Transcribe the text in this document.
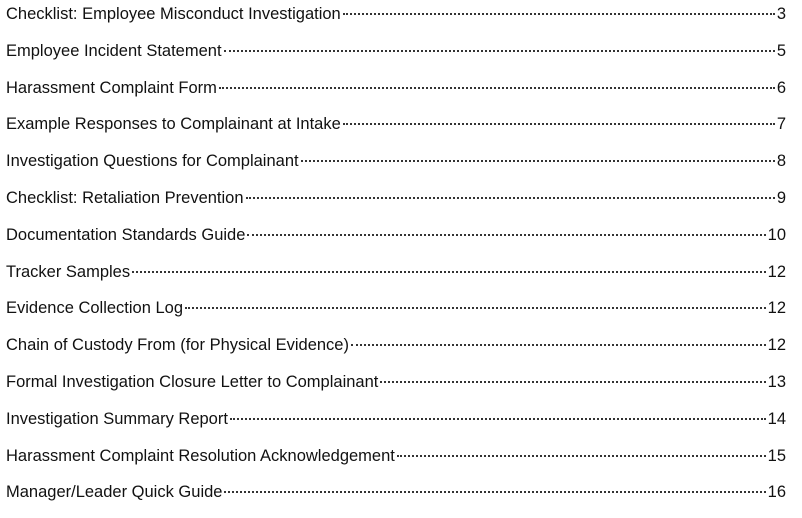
Checklist: Employee Misconduct Investigation	3
Employee Incident Statement	5
Harassment Complaint Form	6
Example Responses to Complainant at Intake	7
Investigation Questions for Complainant	8
Checklist: Retaliation Prevention	9
Documentation Standards Guide	10
Tracker Samples	12
Evidence Collection Log	12
Chain of Custody From (for Physical Evidence)	12
Formal Investigation Closure Letter to Complainant	13
Investigation Summary Report	14
Harassment Complaint Resolution Acknowledgement	15
Manager/Leader Quick Guide	16
